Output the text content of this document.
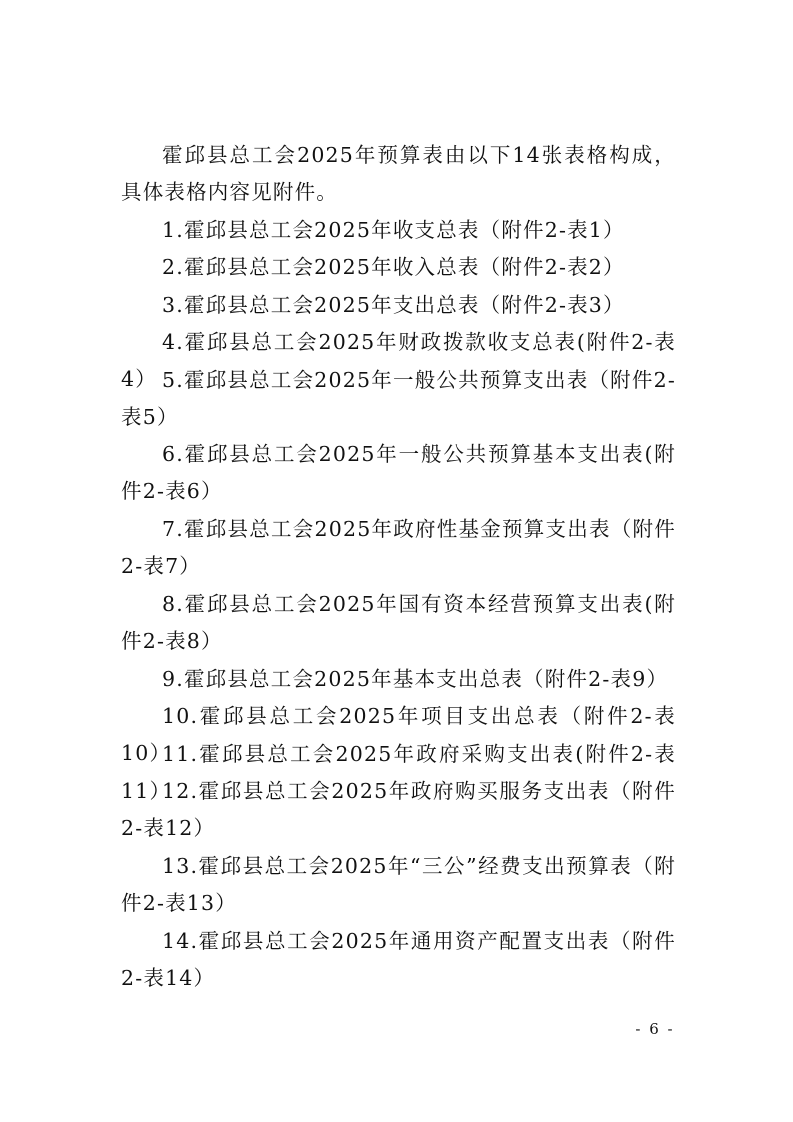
霍邱县总工会2025年预算表由以下14张表格构成，具体表格内容见附件。

1.霍邱县总工会2025年收支总表（附件2-表1）

2.霍邱县总工会2025年收入总表（附件2-表2）

3.霍邱县总工会2025年支出总表（附件2-表3）

4.霍邱县总工会2025年财政拨款收支总表(附件2-表4） 5.霍邱县总工会2025年一般公共预算支出表（附件2-表5）

6.霍邱县总工会2025年一般公共预算基本支出表(附件2-表6）

7.霍邱县总工会2025年政府性基金预算支出表（附件2-表7）

8.霍邱县总工会2025年国有资本经营预算支出表(附件2-表8）

9.霍邱县总工会2025年基本支出总表（附件2-表9）

10.霍邱县总工会2025年项目支出总表（附件2-表10）

11.霍邱县总工会2025年政府采购支出表(附件2-表11）

12.霍邱县总工会2025年政府购买服务支出表（附件2-表12）

13.霍邱县总工会2025年“三公”经费支出预算表（附件2-表13）

14.霍邱县总工会2025年通用资产配置支出表（附件2-表14）

- 6 -
